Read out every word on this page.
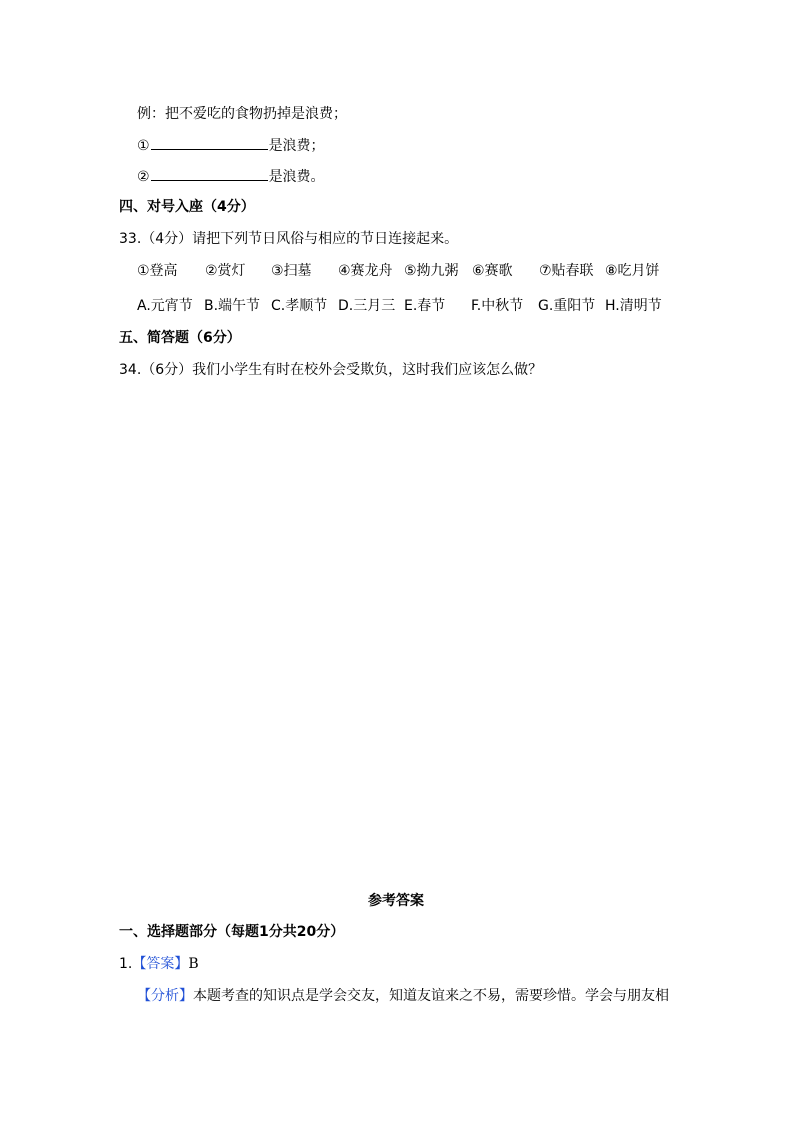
例：把不爱吃的食物扔掉是浪费；
①	是浪费；
②	是浪费。
四、对号入座（4分）
33.（4分）请把下列节日风俗与相应的节日连接起来。
①登高 ②赏灯 ③扫墓 ④赛龙舟 ⑤拗九粥 ⑥赛歌 ⑦贴春联 ⑧吃月饼
A.元宵节 B.端午节 C.孝顺节 D.三月三 E.春节 F.中秋节 G.重阳节 H.清明节
五、简答题（6分）
34.（6分）我们小学生有时在校外会受欺负，这时我们应该怎么做？
参考答案
一、选择题部分（每题1分共20分）
1.【答案】B
【分析】本题考查的知识点是学会交友，知道友谊来之不易，需要珍惜。学会与朋友相
